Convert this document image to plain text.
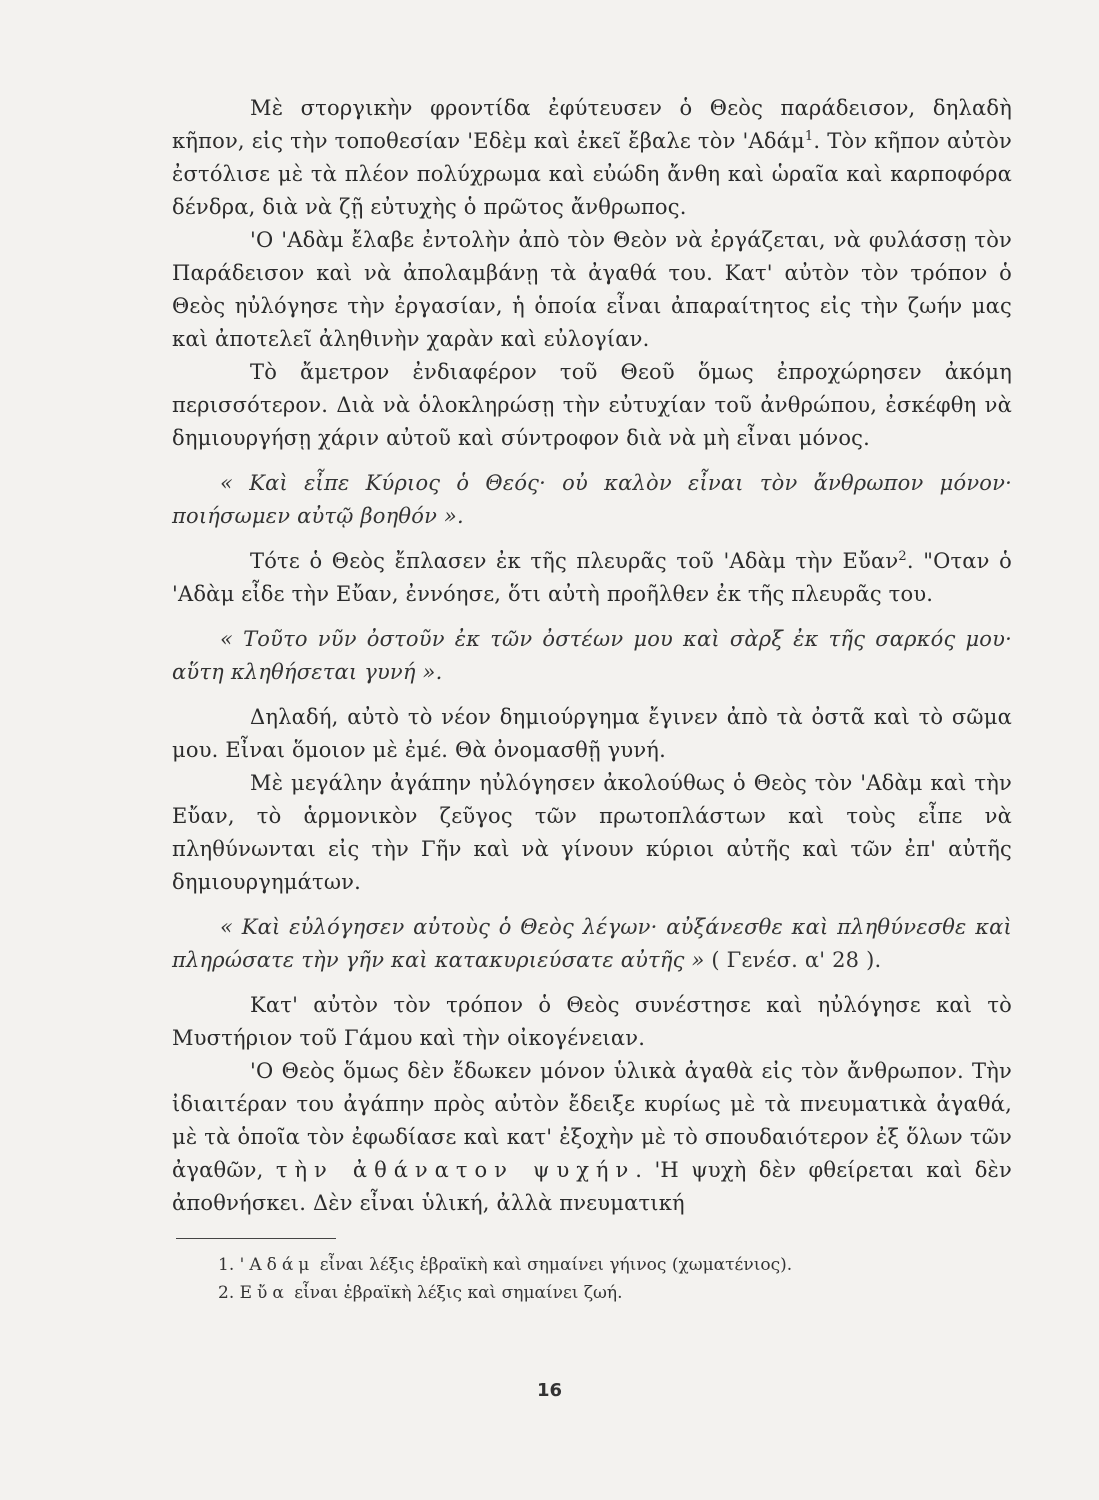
Μὲ στοργικὴν φροντίδα ἐφύτευσεν ὁ Θεὸς παράδεισον, δηλαδὴ κῆπον, εἰς τὴν τοποθεσίαν 'Εδὲμ καὶ ἐκεῖ ἔβαλε τὸν 'Αδάμ$^1$. Τὸν κῆπον αὐτὸν ἐστόλισε μὲ τὰ πλέον πολύχρωμα καὶ εὐώδη ἄνθη καὶ ὡραῖα καὶ καρποφόρα δένδρα, διὰ νὰ ζῇ εὐτυχὴς ὁ πρῶτος ἄνθρωπος.

'Ο 'Αδὰμ ἔλαβε ἐντολὴν ἀπὸ τὸν Θεὸν νὰ ἐργάζεται, νὰ φυλάσσῃ τὸν Παράδεισον καὶ νὰ ἀπολαμβάνῃ τὰ ἀγαθά του. Κατ' αὐτὸν τὸν τρόπον ὁ Θεὸς ηὐλόγησε τὴν ἐργασίαν, ἡ ὁποία εἶναι ἀπαραίτητος εἰς τὴν ζωήν μας καὶ ἀποτελεῖ ἀληθινὴν χαρὰν καὶ εὐλογίαν.

Τὸ ἄμετρον ἐνδιαφέρον τοῦ Θεοῦ ὅμως ἐπροχώρησεν ἀκόμη περισσότερον. Διὰ νὰ ὁλοκληρώσῃ τὴν εὐτυχίαν τοῦ ἀνθρώπου, ἐσκέφθη νὰ δημιουργήσῃ χάριν αὐτοῦ καὶ σύντροφον διὰ νὰ μὴ εἶναι μόνος.

« Καὶ εἶπε Κύριος ὁ Θεός· οὐ καλὸν εἶναι τὸν ἄνθρωπον μόνον· ποιήσωμεν αὐτῷ βοηθόν ».

Τότε ὁ Θεὸς ἔπλασεν ἐκ τῆς πλευρᾶς τοῦ 'Αδὰμ τὴν Εὔαν$^2$. "Οταν ὁ 'Αδὰμ εἶδε τὴν Εὔαν, ἐννόησε, ὅτι αὐτὴ προῆλθεν ἐκ τῆς πλευρᾶς του.

« Τοῦτο νῦν ὀστοῦν ἐκ τῶν ὀστέων μου καὶ σὰρξ ἐκ τῆς σαρκός μου· αὕτη κληθήσεται γυνή ».

Δηλαδή, αὐτὸ τὸ νέον δημιούργημα ἔγινεν ἀπὸ τὰ ὀστᾶ καὶ τὸ σῶμα μου. Εἶναι ὅμοιον μὲ ἐμέ. Θὰ ὀνομασθῇ γυνή.

Μὲ μεγάλην ἀγάπην ηὐλόγησεν ἀκολούθως ὁ Θεὸς τὸν 'Αδὰμ καὶ τὴν Εὔαν, τὸ ἁρμονικὸν ζεῦγος τῶν πρωτοπλάστων καὶ τοὺς εἶπε νὰ πληθύνωνται εἰς τὴν Γῆν καὶ νὰ γίνουν κύριοι αὐτῆς καὶ τῶν ἐπ' αὐτῆς δημιουργημάτων.

« Καὶ εὐλόγησεν αὐτοὺς ὁ Θεὸς λέγων· αὐξάνεσθε καὶ πληθύνεσθε καὶ πληρώσατε τὴν γῆν καὶ κατακυριεύσατε αὐτῆς » ( Γενέσ. α' 28 ).

Κατ' αὐτὸν τὸν τρόπον ὁ Θεὸς συνέστησε καὶ ηὐλόγησε καὶ τὸ Μυστήριον τοῦ Γάμου καὶ τὴν οἰκογένειαν.

'Ο Θεὸς ὅμως δὲν ἔδωκεν μόνον ὑλικὰ ἀγαθὰ εἰς τὸν ἄνθρωπον. Τὴν ἰδιαιτέραν του ἀγάπην πρὸς αὐτὸν ἔδειξε κυρίως μὲ τὰ πνευματικὰ ἀγαθά, μὲ τὰ ὁποῖα τὸν ἐφωδίασε καὶ κατ' ἐξοχὴν μὲ τὸ σπουδαιότερον ἐξ ὅλων τῶν ἀγαθῶν, τὴν ἀθάνατον ψυχήν. 'Η ψυχὴ δὲν φθείρεται καὶ δὲν ἀποθνήσκει. Δὲν εἶναι ὑλική, ἀλλὰ πνευματική

1. 'Αδάμ εἶναι λέξις ἑβραϊκὴ καὶ σημαίνει γήινος (χωματένιος).
2. Εὔα εἶναι ἑβραϊκὴ λέξις καὶ σημαίνει ζωή.
16
